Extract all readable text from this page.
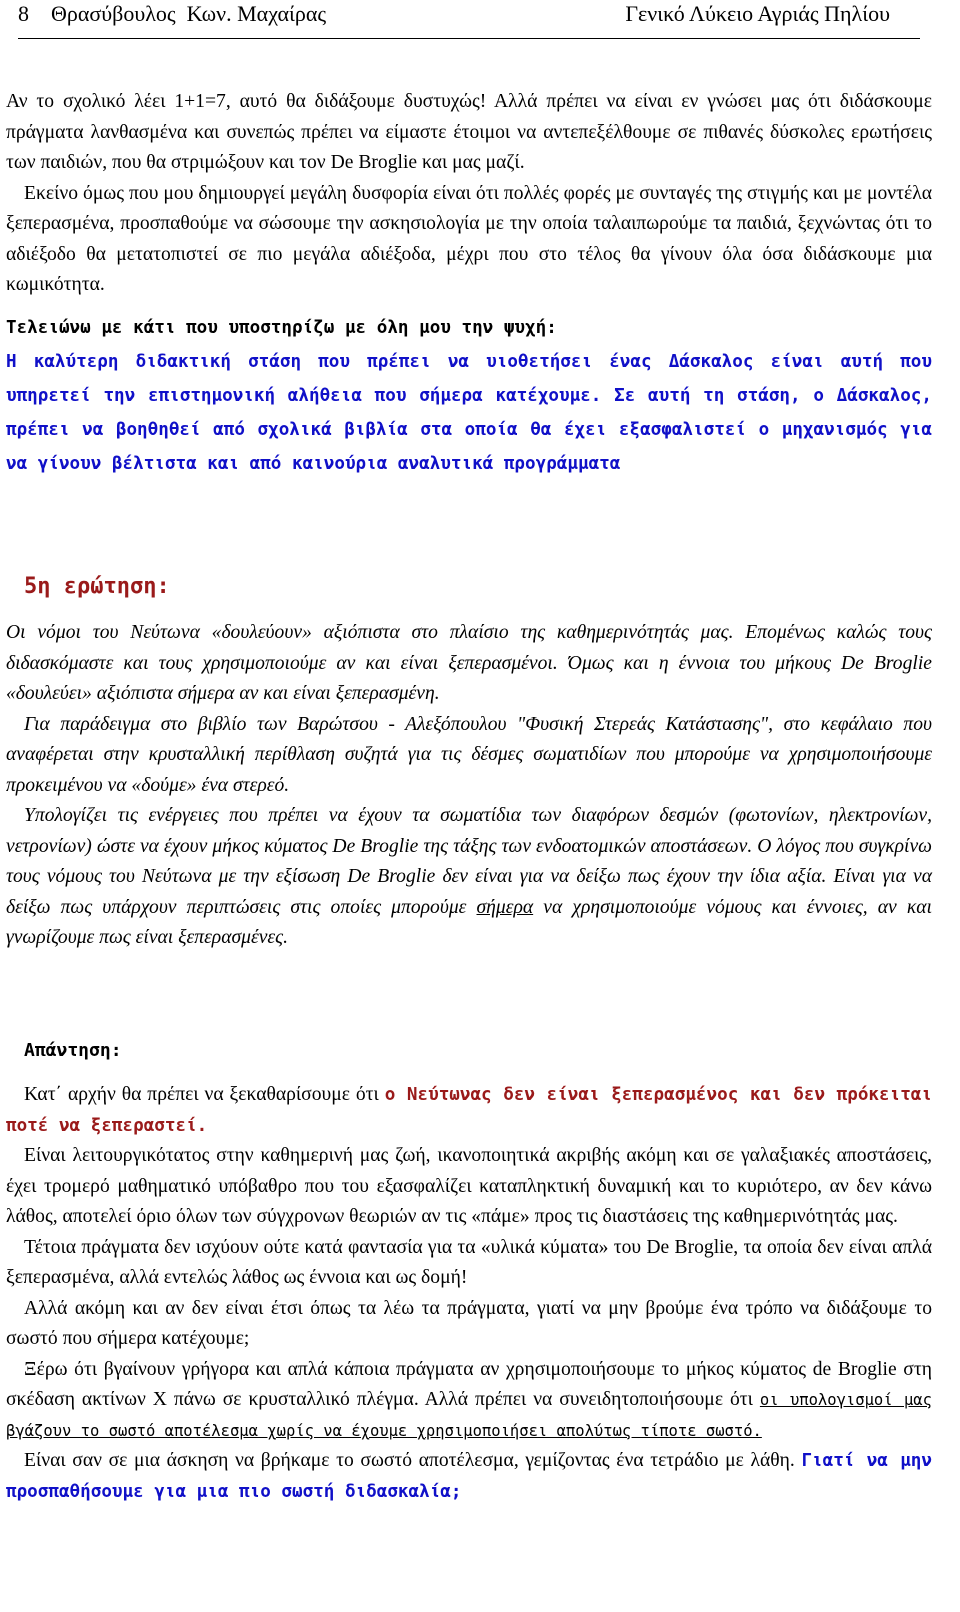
8    Θρασύβουλος  Κων. Μαχαίρας	Γενικό Λύκειο Αγριάς Πηλίου

Αν το σχολικό λέει 1+1=7, αυτό θα διδάξουμε δυστυχώς! Αλλά πρέπει να είναι εν γνώσει μας ότι διδάσκουμε πράγματα λανθασμένα και συνεπώς πρέπει να είμαστε έτοιμοι να αντεπεξέλθουμε σε πιθανές δύσκολες ερωτήσεις των παιδιών, που θα στριμώξουν και τον De Broglie και μας μαζί.

Εκείνο όμως που μου δημιουργεί μεγάλη δυσφορία είναι ότι πολλές φορές με συνταγές της στιγμής και με μοντέλα ξεπερασμένα, προσπαθούμε να σώσουμε την ασκησιολογία με την οποία ταλαιπωρούμε τα παιδιά, ξεχνώντας ότι το αδιέξοδο θα μετατοπιστεί σε πιο μεγάλα αδιέξοδα, μέχρι που στο τέλος θα γίνουν όλα όσα διδάσκουμε μια κωμικότητα.

Τελειώνω με κάτι που υποστηρίζω με όλη μου την ψυχή:
Η καλύτερη διδακτική στάση που πρέπει να υιοθετήσει ένας Δάσκαλος είναι αυτή που υπηρετεί την επιστημονική αλήθεια που σήμερα κατέχουμε. Σε αυτή τη στάση, ο Δάσκαλος, πρέπει να βοηθηθεί από σχολικά βιβλία στα οποία θα έχει εξασφαλιστεί ο μηχανισμός για να γίνουν βέλτιστα και από καινούρια αναλυτικά προγράμματα

5η ερώτηση:

Οι νόμοι του Νεύτωνα «δουλεύουν» αξιόπιστα στο πλαίσιο της καθημερινότητάς μας. Επομένως καλώς τους διδασκόμαστε και τους χρησιμοποιούμε αν και είναι ξεπερασμένοι. Όμως και η έννοια του μήκους De Broglie «δουλεύει» αξιόπιστα σήμερα αν και είναι ξεπερασμένη.

Για παράδειγμα στο βιβλίο των Βαρώτσου - Αλεξόπουλου "Φυσική Στερεάς Κατάστασης", στο κεφάλαιο που αναφέρεται στην κρυσταλλική περίθλαση συζητά για τις δέσμες σωματιδίων που μπορούμε να χρησιμοποιήσουμε προκειμένου να «δούμε» ένα στερεό.

Υπολογίζει τις ενέργειες που πρέπει να έχουν τα σωματίδια των διαφόρων δεσμών (φωτονίων, ηλεκτρονίων, νετρονίων) ώστε να έχουν μήκος κύματος De Broglie της τάξης των ενδοατομικών αποστάσεων. Ο λόγος που συγκρίνω τους νόμους του Νεύτωνα με την εξίσωση De Broglie δεν είναι για να δείξω πως έχουν την ίδια αξία. Είναι για να δείξω πως υπάρχουν περιπτώσεις στις οποίες μπορούμε σήμερα να χρησιμοποιούμε νόμους και έννοιες, αν και γνωρίζουμε πως είναι ξεπερασμένες.

Απάντηση:

Κατ΄ αρχήν θα πρέπει να ξεκαθαρίσουμε ότι ο Νεύτωνας δεν είναι ξεπερασμένος και δεν πρόκειται ποτέ να ξεπεραστεί.

Είναι λειτουργικότατος στην καθημερινή μας ζωή, ικανοποιητικά ακριβής ακόμη και σε γαλαξιακές αποστάσεις, έχει τρομερό μαθηματικό υπόβαθρο που του εξασφαλίζει καταπληκτική δυναμική και το κυριότερο, αν δεν κάνω λάθος, αποτελεί όριο όλων των σύγχρονων θεωριών αν τις «πάμε» προς τις διαστάσεις της καθημερινότητάς μας.

Τέτοια πράγματα δεν ισχύουν ούτε κατά φαντασία για τα «υλικά κύματα» του De Broglie, τα οποία δεν είναι απλά ξεπερασμένα, αλλά εντελώς λάθος ως έννοια και ως δομή!

Αλλά ακόμη και αν δεν είναι έτσι όπως τα λέω τα πράγματα, γιατί να μην βρούμε ένα τρόπο να διδάξουμε το σωστό που σήμερα κατέχουμε;

Ξέρω ότι βγαίνουν γρήγορα και απλά κάποια πράγματα αν χρησιμοποιήσουμε το μήκος κύματος de Broglie στη σκέδαση ακτίνων Χ πάνω σε κρυσταλλικό πλέγμα. Αλλά πρέπει να συνειδητοποιήσουμε ότι οι υπολογισμοί μας βγάζουν το σωστό αποτέλεσμα χωρίς να έχουμε χρησιμοποιήσει απολύτως τίποτε σωστό.

Είναι σαν σε μια άσκηση να βρήκαμε το σωστό αποτέλεσμα, γεμίζοντας ένα τετράδιο με λάθη. Γιατί να μην προσπαθήσουμε για μια πιο σωστή διδασκαλία;
